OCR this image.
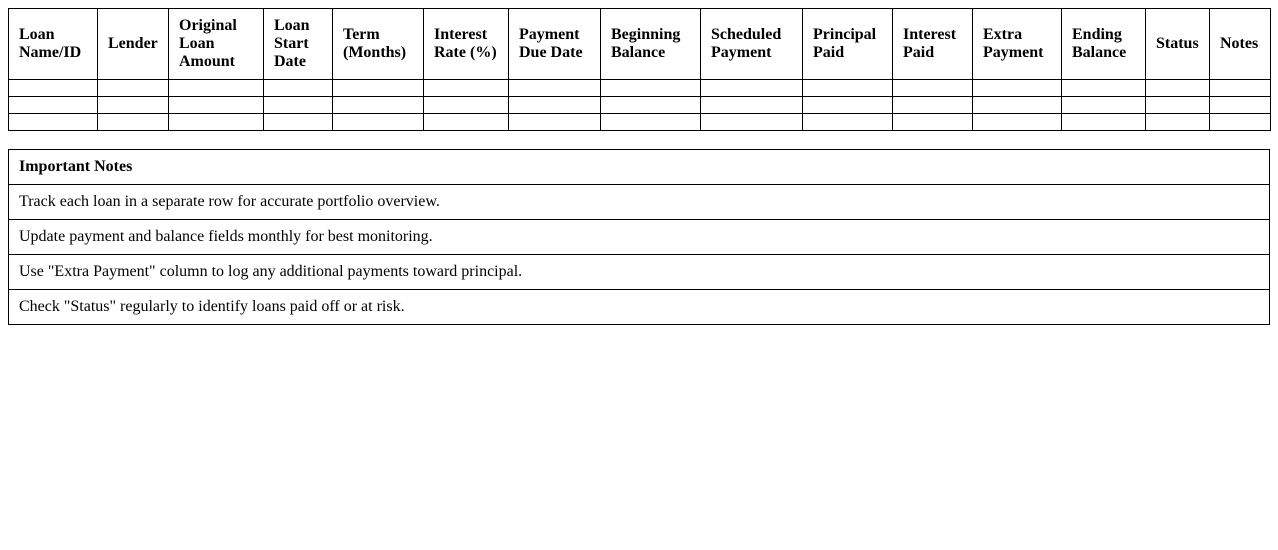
Loan Name/ID	Lender	Original Loan Amount	Loan Start Date	Term (Months)	Interest Rate (%)	Payment Due Date	Beginning Balance	Scheduled Payment	Principal Paid	Interest Paid	Extra Payment	Ending Balance	Status	Notes

Important Notes
Track each loan in a separate row for accurate portfolio overview.
Update payment and balance fields monthly for best monitoring.
Use "Extra Payment" column to log any additional payments toward principal.
Check "Status" regularly to identify loans paid off or at risk.
